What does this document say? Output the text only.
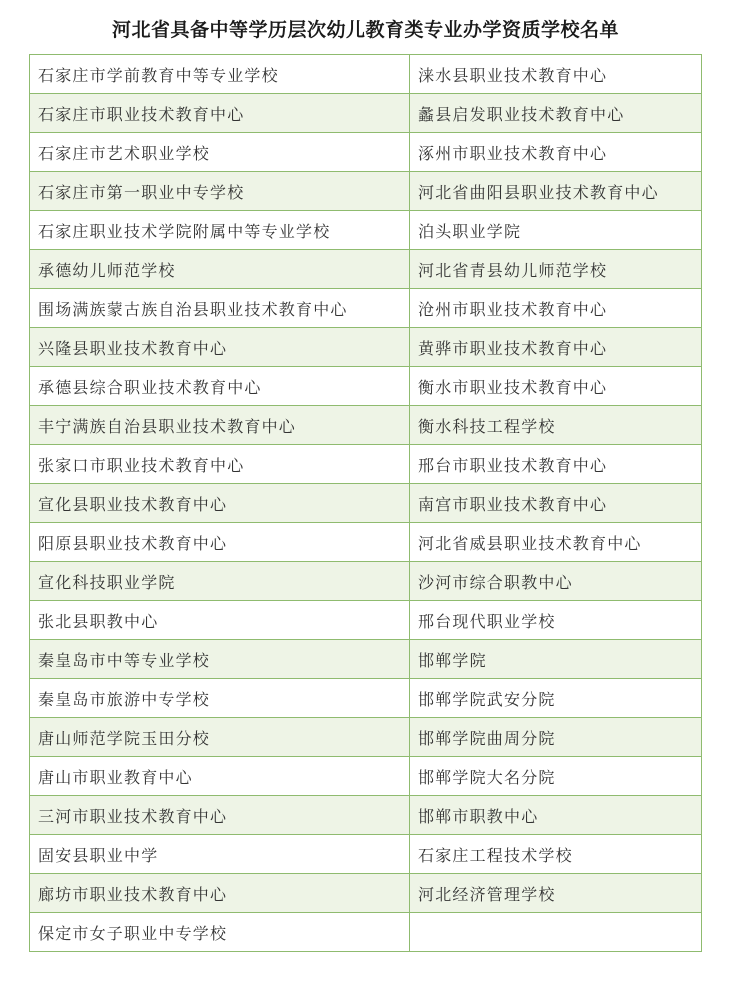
河北省具备中等学历层次幼儿教育类专业办学资质学校名单
石家庄市学前教育中等专业学校	涞水县职业技术教育中心
石家庄市职业技术教育中心	蠡县启发职业技术教育中心
石家庄市艺术职业学校	涿州市职业技术教育中心
石家庄市第一职业中专学校	河北省曲阳县职业技术教育中心
石家庄职业技术学院附属中等专业学校	泊头职业学院
承德幼儿师范学校	河北省青县幼儿师范学校
围场满族蒙古族自治县职业技术教育中心	沧州市职业技术教育中心
兴隆县职业技术教育中心	黄骅市职业技术教育中心
承德县综合职业技术教育中心	衡水市职业技术教育中心
丰宁满族自治县职业技术教育中心	衡水科技工程学校
张家口市职业技术教育中心	邢台市职业技术教育中心
宣化县职业技术教育中心	南宫市职业技术教育中心
阳原县职业技术教育中心	河北省威县职业技术教育中心
宣化科技职业学院	沙河市综合职教中心
张北县职教中心	邢台现代职业学校
秦皇岛市中等专业学校	邯郸学院
秦皇岛市旅游中专学校	邯郸学院武安分院
唐山师范学院玉田分校	邯郸学院曲周分院
唐山市职业教育中心	邯郸学院大名分院
三河市职业技术教育中心	邯郸市职教中心
固安县职业中学	石家庄工程技术学校
廊坊市职业技术教育中心	河北经济管理学校
保定市女子职业中专学校	
